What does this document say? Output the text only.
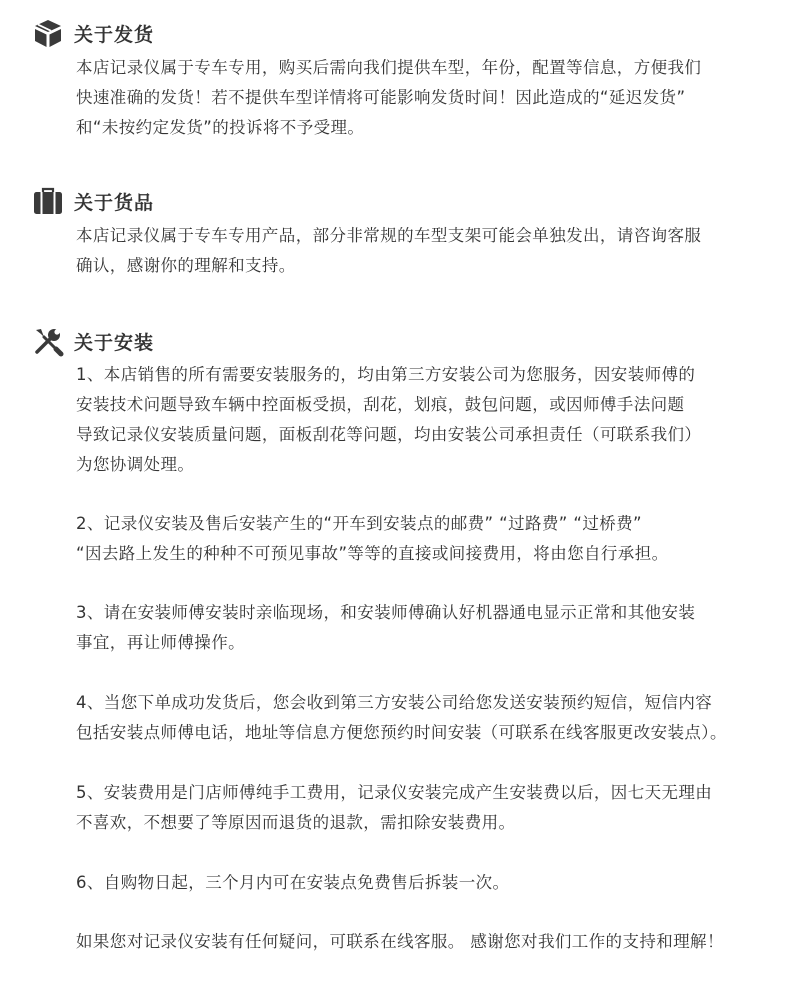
关于发货
本店记录仪属于专车专用，购买后需向我们提供车型，年份，配置等信息，方便我们
快速准确的发货！若不提供车型详情将可能影响发货时间！因此造成的“延迟发货”
和“未按约定发货”的投诉将不予受理。
关于货品
本店记录仪属于专车专用产品，部分非常规的车型支架可能会单独发出，请咨询客服
确认，感谢你的理解和支持。
关于安装
1、本店销售的所有需要安装服务的，均由第三方安装公司为您服务，因安装师傅的
安装技术问题导致车辆中控面板受损，刮花，划痕，鼓包问题，或因师傅手法问题
导致记录仪安装质量问题，面板刮花等问题，均由安装公司承担责任（可联系我们）
为您协调处理。
2、记录仪安装及售后安装产生的“开车到安装点的邮费” “过路费” “过桥费”
“因去路上发生的种种不可预见事故”等等的直接或间接费用，将由您自行承担。
3、请在安装师傅安装时亲临现场，和安装师傅确认好机器通电显示正常和其他安装
事宜，再让师傅操作。
4、当您下单成功发货后，您会收到第三方安装公司给您发送安装预约短信，短信内容
包括安装点师傅电话，地址等信息方便您预约时间安装（可联系在线客服更改安装点）。
5、安装费用是门店师傅纯手工费用，记录仪安装完成产生安装费以后，因七天无理由
不喜欢，不想要了等原因而退货的退款，需扣除安装费用。
6、自购物日起，三个月内可在安装点免费售后拆装一次。
如果您对记录仪安装有任何疑问，可联系在线客服。 感谢您对我们工作的支持和理解！
